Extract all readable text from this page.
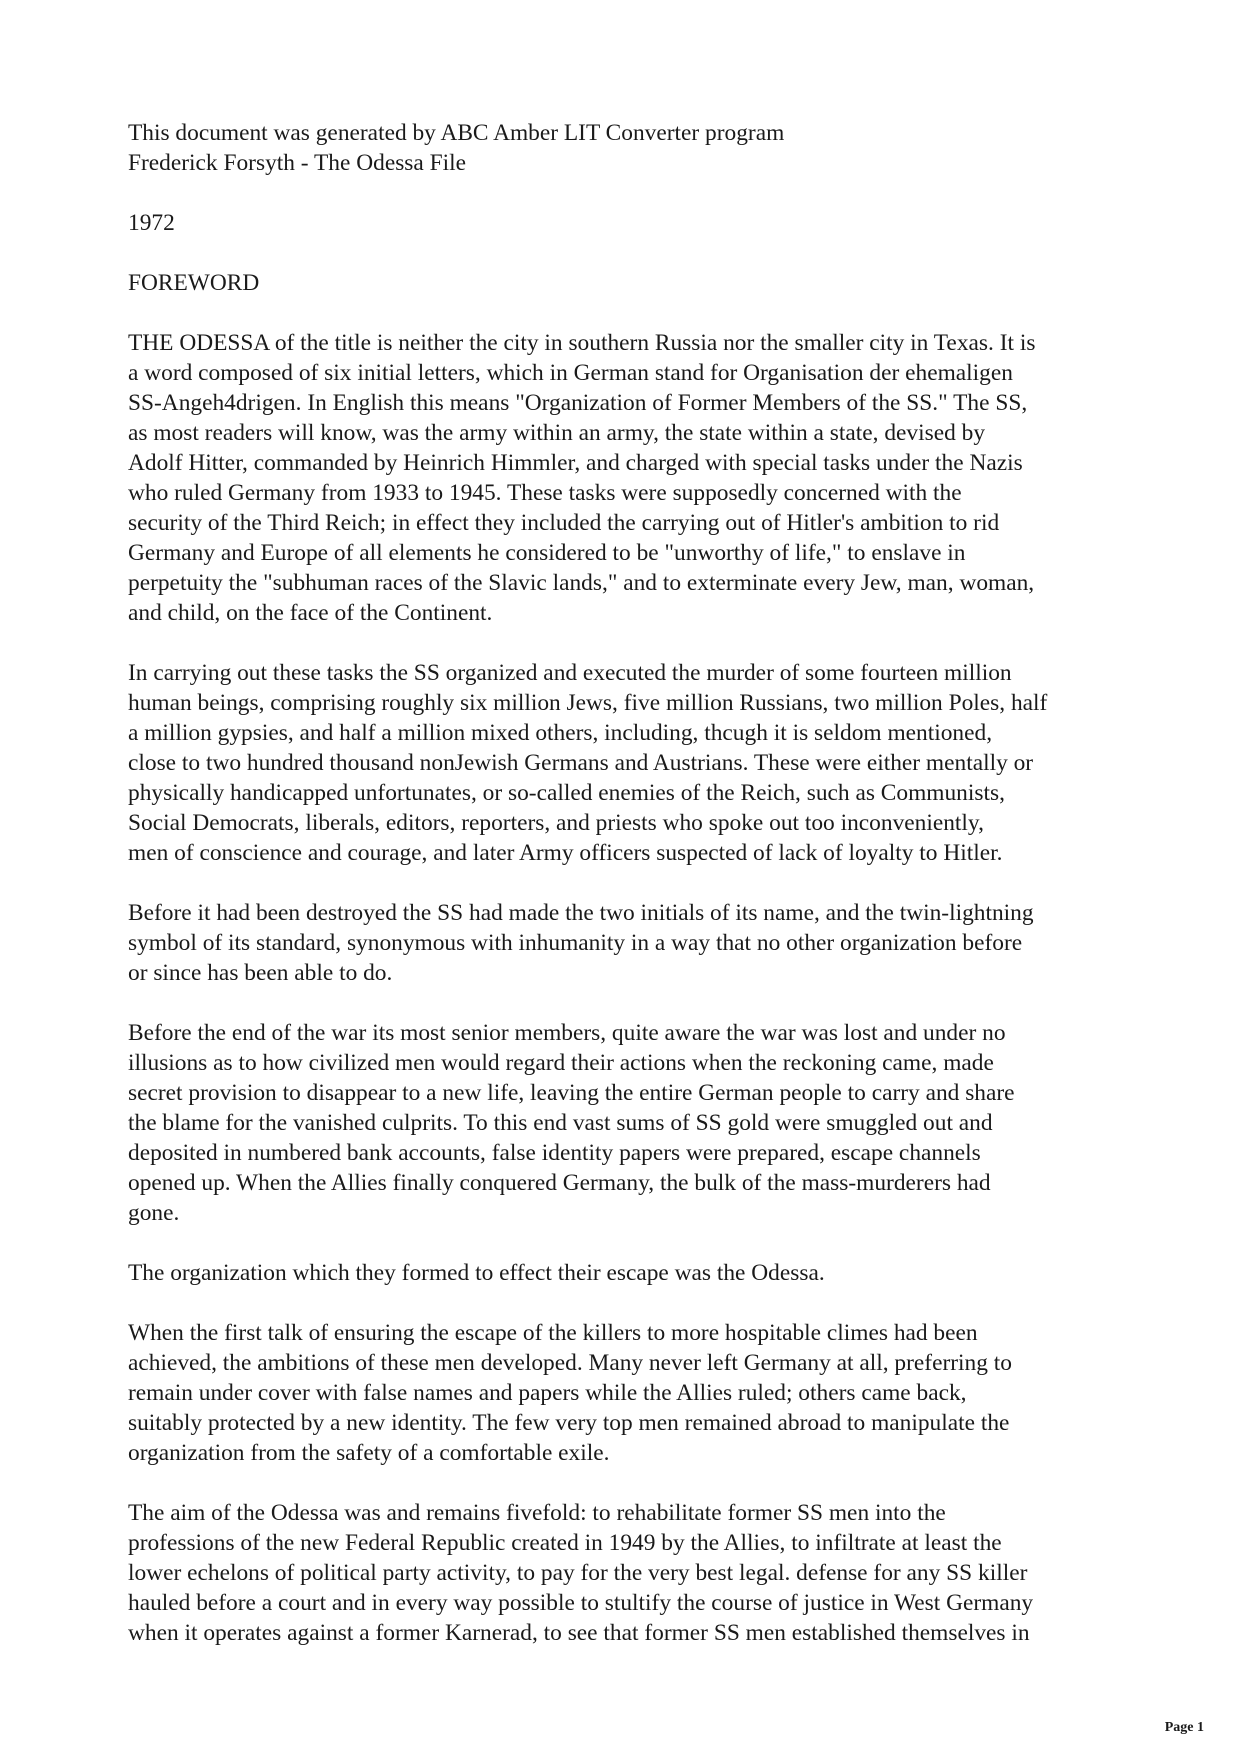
This document was generated by ABC Amber LIT Converter program
Frederick Forsyth - The Odessa File

1972

FOREWORD

THE ODESSA of the title is neither the city in southern Russia nor the smaller city in Texas. It is
a word composed of six initial letters, which in German stand for Organisation der ehemaligen
SS-Angeh4drigen. In English this means "Organization of Former Members of the SS." The SS,
as most readers will know, was the army within an army, the state within a state, devised by
Adolf Hitter, commanded by Heinrich Himmler, and charged with special tasks under the Nazis
who ruled Germany from 1933 to 1945. These tasks were supposedly concerned with the
security of the Third Reich; in effect they included the carrying out of Hitler's ambition to rid
Germany and Europe of all elements he considered to be "unworthy of life," to enslave in
perpetuity the "subhuman races of the Slavic lands," and to exterminate every Jew, man, woman,
and child, on the face of the Continent.

In carrying out these tasks the SS organized and executed the murder of some fourteen million
human beings, comprising roughly six million Jews, five million Russians, two million Poles, half
a million gypsies, and half a million mixed others, including, thcugh it is seldom mentioned,
close to two hundred thousand nonJewish Germans and Austrians. These were either mentally or
physically handicapped unfortunates, or so-called enemies of the Reich, such as Communists,
Social Democrats, liberals, editors, reporters, and priests who spoke out too inconveniently,
men of conscience and courage, and later Army officers suspected of lack of loyalty to Hitler.

Before it had been destroyed the SS had made the two initials of its name, and the twin-lightning
symbol of its standard, synonymous with inhumanity in a way that no other organization before
or since has been able to do.

Before the end of the war its most senior members, quite aware the war was lost and under no
illusions as to how civilized men would regard their actions when the reckoning came, made
secret provision to disappear to a new life, leaving the entire German people to carry and share
the blame for the vanished culprits. To this end vast sums of SS gold were smuggled out and
deposited in numbered bank accounts, false identity papers were prepared, escape channels
opened up. When the Allies finally conquered Germany, the bulk of the mass-murderers had
gone.

The organization which they formed to effect their escape was the Odessa.

When the first talk of ensuring the escape of the killers to more hospitable climes had been
achieved, the ambitions of these men developed. Many never left Germany at all, preferring to
remain under cover with false names and papers while the Allies ruled; others came back,
suitably protected by a new identity. The few very top men remained abroad to manipulate the
organization from the safety of a comfortable exile.

The aim of the Odessa was and remains fivefold: to rehabilitate former SS men into the
professions of the new Federal Republic created in 1949 by the Allies, to infiltrate at least the
lower echelons of political party activity, to pay for the very best legal. defense for any SS killer
hauled before a court and in every way possible to stultify the course of justice in West Germany
when it operates against a former Karnerad, to see that former SS men established themselves in

Page 1
